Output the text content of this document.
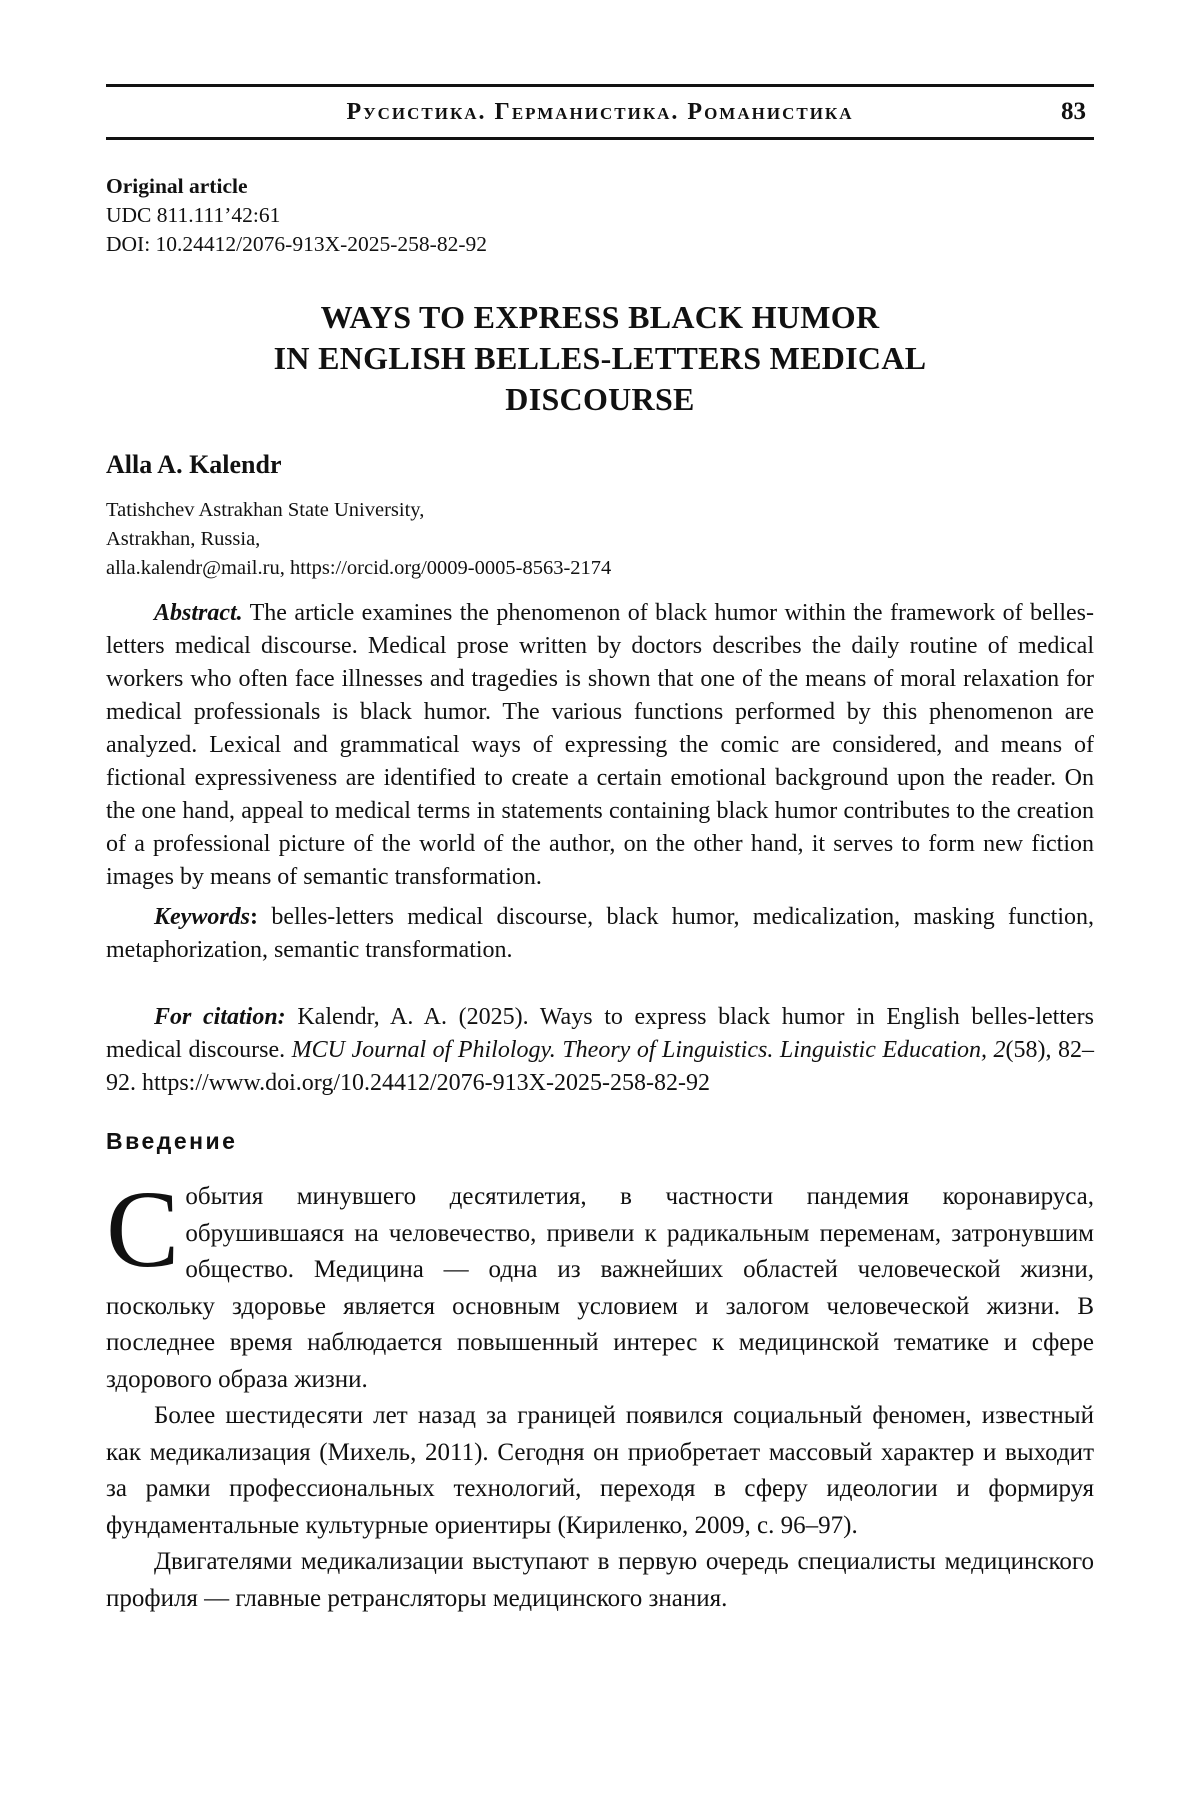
Русистика. Германистика. Романистика	83
Original article
UDC 811.111’42:61
DOI: 10.24412/2076-913X-2025-258-82-92
WAYS TO EXPRESS BLACK HUMOR
IN ENGLISH BELLES-LETTERS MEDICAL
DISCOURSE
Alla A. Kalendr
Tatishchev Astrakhan State University,
Astrakhan, Russia,
alla.kalendr@mail.ru, https://orcid.org/0009-0005-8563-2174

Abstract. The article examines the phenomenon of black humor within the framework of belles-letters medical discourse. Medical prose written by doctors describes the daily routine of medical workers who often face illnesses and tragedies is shown that one of the means of moral relaxation for medical professionals is black humor. The various functions performed by this phenomenon are analyzed. Lexical and grammatical ways of expressing the comic are considered, and means of fictional expressiveness are identified to create a certain emotional background upon the reader. On the one hand, appeal to medical terms in statements containing black humor contributes to the creation of a professional picture of the world of the author, on the other hand, it serves to form new fiction images by means of semantic transformation.

Keywords: belles-letters medical discourse, black humor, medicalization, masking function, metaphorization, semantic transformation.

For citation: Kalendr, A. A. (2025). Ways to express black humor in English belles-letters medical discourse. MCU Journal of Philology. Theory of Linguistics. Linguistic Education, 2(58), 82–92. https://www.doi.org/10.24412/2076-913X-2025-258-82-92

Введение

События минувшего десятилетия, в частности пандемия коронавируса, обрушившаяся на человечество, привели к радикальным переменам, затронувшим общество. Медицина — одна из важнейших областей человеческой жизни, поскольку здоровье является основным условием и залогом человеческой жизни. В последнее время наблюдается повышенный интерес к медицинской тематике и сфере здорового образа жизни.

Более шестидесяти лет назад за границей появился социальный феномен, известный как медикализация (Михель, 2011). Сегодня он приобретает массовый характер и выходит за рамки профессиональных технологий, переходя в сферу идеологии и формируя фундаментальные культурные ориентиры (Кириленко, 2009, с. 96–97).

Двигателями медикализации выступают в первую очередь специалисты медицинского профиля — главные ретрансляторы медицинского знания.
